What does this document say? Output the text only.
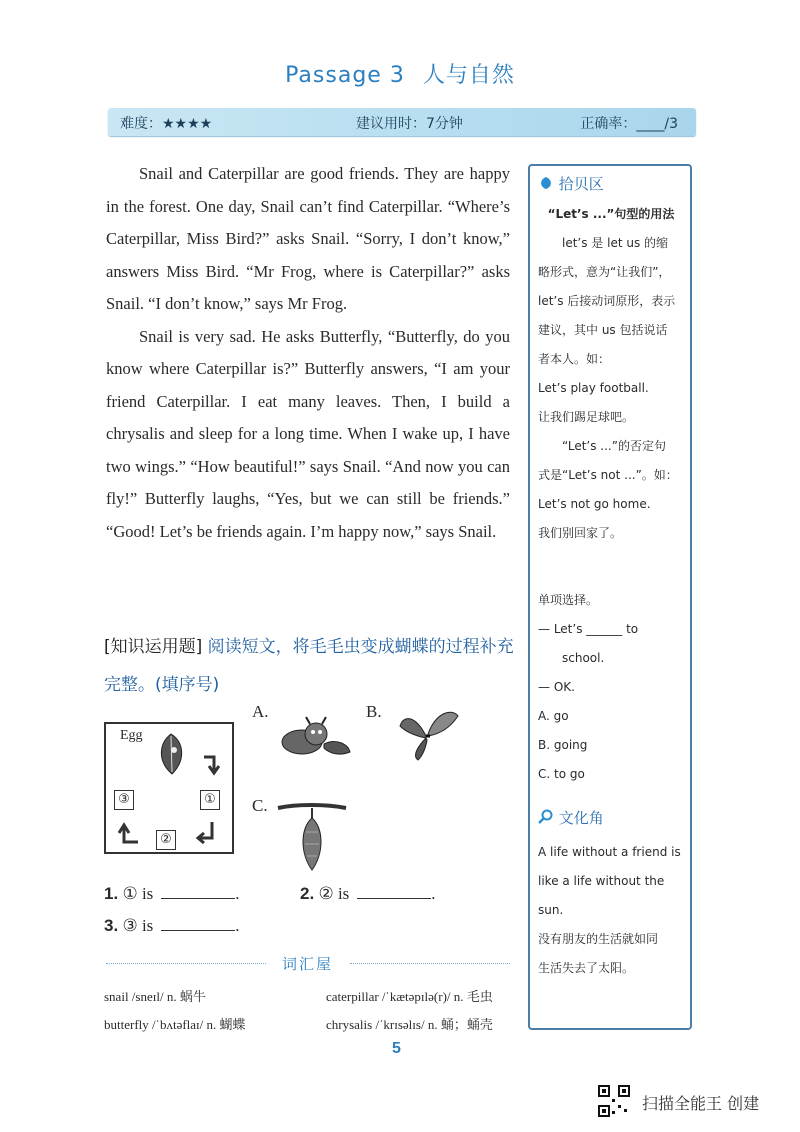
Passage 3 人与自然
难度：★★★★	建议用时：7分钟	正确率：____/3

Snail and Caterpillar are good friends. They are happy in the forest. One day, Snail can’t find Caterpillar. “Where’s Caterpillar, Miss Bird?” asks Snail. “Sorry, I don’t know,” answers Miss Bird. “Mr Frog, where is Caterpillar?” asks Snail. “I don’t know,” says Mr Frog.

Snail is very sad. He asks Butterfly, “Butterfly, do you know where Caterpillar is?” Butterfly answers, “I am your friend Caterpillar. I eat many leaves. Then, I build a chrysalis and sleep for a long time. When I wake up, I have two wings.” “How beautiful!” says Snail. “And now you can fly!” Butterfly laughs, “Yes, but we can still be friends.” “Good! Let’s be friends again. I’m happy now,” says Snail.

[知识运用题] 阅读短文，将毛毛虫变成蝴蝶的过程补充完整。(填序号)
Egg
①
②
③
A.	B.
C.
1. ① is	.	2. ② is	.
3. ③ is	.
词汇屋
snail /sneɪl/ n. 蜗牛	caterpillar /ˈkætəpɪlə(r)/ n. 毛虫
butterfly /ˈbʌtəflaɪ/ n. 蝴蝶	chrysalis /ˈkrɪsəlɪs/ n. 蛹；蛹壳
拾贝区
“Let’s ...”句型的用法
let’s 是 let us 的缩
略形式，意为“让我们”，
let’s 后接动词原形，表示
建议，其中 us 包括说话
者本人。如：
Let’s play football.
让我们踢足球吧。
“Let’s ...”的否定句
式是“Let’s not ...”。如：
Let’s not go home.
我们别回家了。
单项选择。
— Let’s ______ to
school.
— OK.
A. go
B. going
C. to go
文化角
A life without a friend is
like a life without the
sun.
没有朋友的生活就如同
生活失去了太阳。
5
扫描全能王 创建
